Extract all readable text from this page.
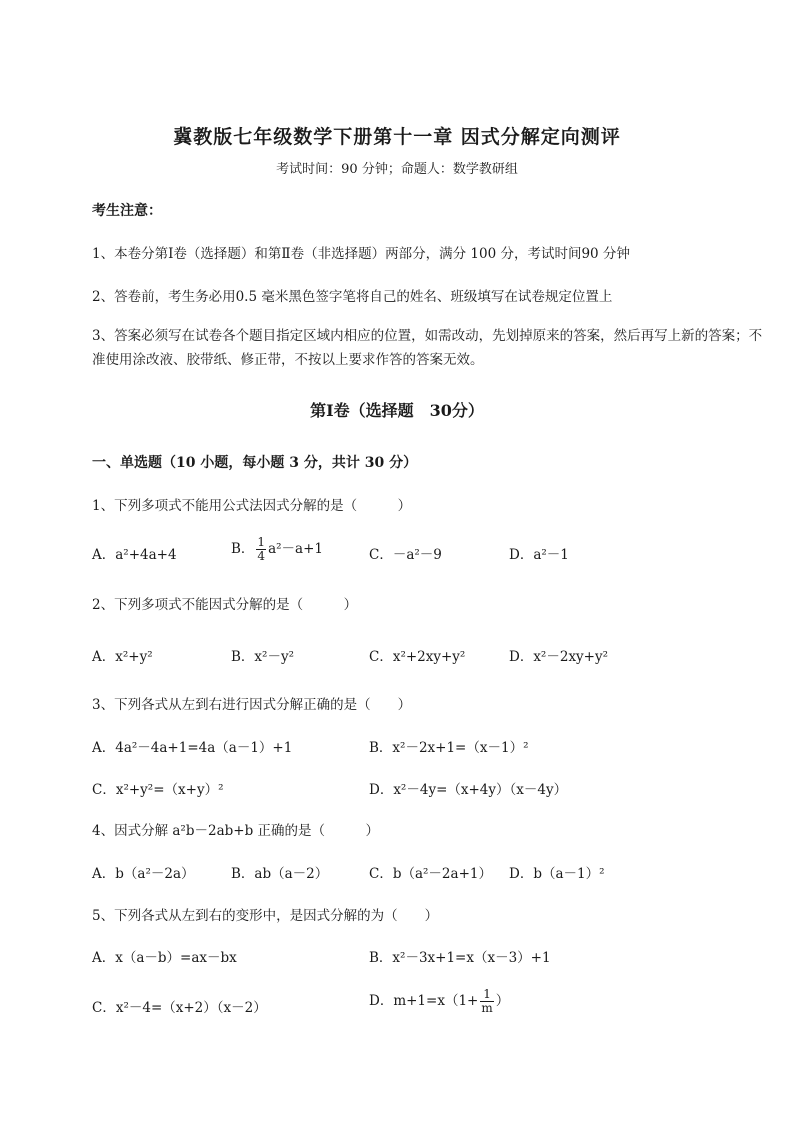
冀教版七年级数学下册第十一章 因式分解定向测评
考试时间：90 分钟；命题人：数学教研组
考生注意：
1、本卷分第Ⅰ卷（选择题）和第Ⅱ卷（非选择题）两部分，满分 100 分，考试时间90 分钟
2、答卷前，考生务必用0.5 毫米黑色签字笔将自己的姓名、班级填写在试卷规定位置上
3、答案必须写在试卷各个题目指定区域内相应的位置，如需改动，先划掉原来的答案，然后再写上新的答案；不准使用涂改液、胶带纸、修正带，不按以上要求作答的答案无效。
第Ⅰ卷（选择题　30分）
一、单选题（10 小题，每小题 3 分，共计 30 分）
1、下列多项式不能用公式法因式分解的是（　　　）
A．a²+4a+4	B． $\frac{1}{4} a^2-a+1$	C．－a²－9	D．a²－1
2、下列多项式不能因式分解的是（　　　）
A．x²+y²	B．x²－y²	C．x²+2xy+y²	D．x²－2xy+y²
3、下列各式从左到右进行因式分解正确的是（　　）
A．4a²－4a+1=4a（a－1）+1	B．x²－2x+1=（x－1）²
C．x²+y²=（x+y）²	D．x²－4y=（x+4y）（x－4y）
4、因式分解 a²b－2ab+b 正确的是（　　　）
A．b（a²－2a）	B．ab（a－2）	C．b（a²－2a+1） D．b（a－1）²
5、下列各式从左到右的变形中，是因式分解的为（　　）
A．x（a－b）=ax－bx	B．x²－3x+1=x（x－3）+1
C．x²－4=（x+2）（x－2）	D．$m+1=x(1+ \frac{1}{m}$ ）
